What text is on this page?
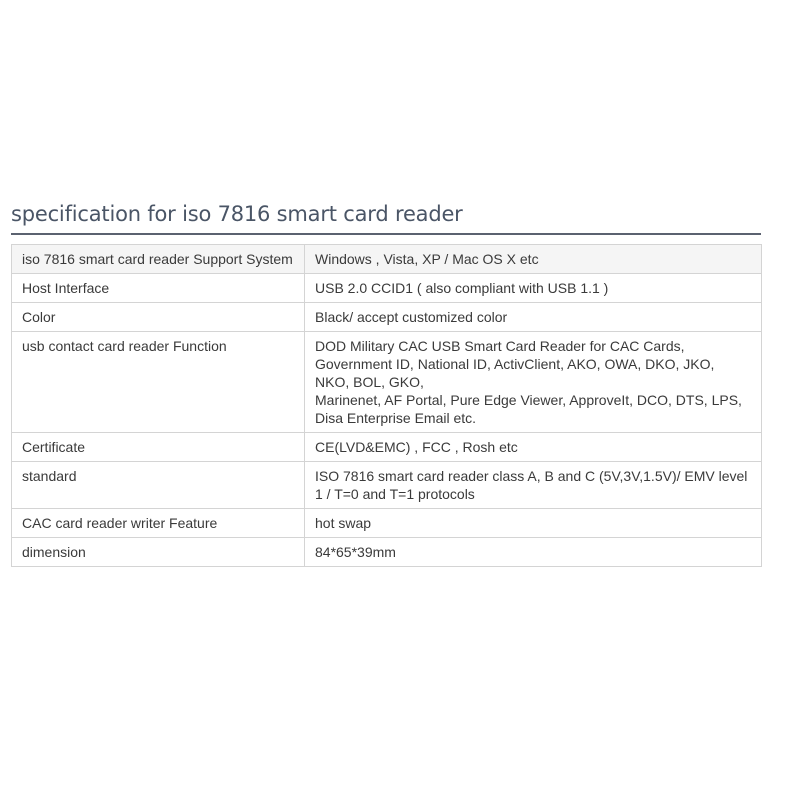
specification for iso 7816 smart card reader
iso 7816 smart card reader Support System	Windows , Vista, XP / Mac OS X etc

Host Interface	USB 2.0 CCID1 ( also compliant with USB 1.1 )

Color	Black/ accept customized color

usb contact card reader Function	DOD Military CAC USB Smart Card Reader for CAC Cards, Government ID, National ID, ActivClient, AKO, OWA, DKO, JKO, NKO, BOL, GKO,
Marinenet, AF Portal, Pure Edge Viewer, ApproveIt, DCO, DTS, LPS, Disa Enterprise Email etc.

Certificate	CE(LVD&EMC) , FCC , Rosh etc

standard	ISO 7816 smart card reader class A, B and C (5V,3V,1.5V)/ EMV level 1 / T=0 and T=1 protocols

CAC card reader writer Feature	hot swap

dimension	84*65*39mm
